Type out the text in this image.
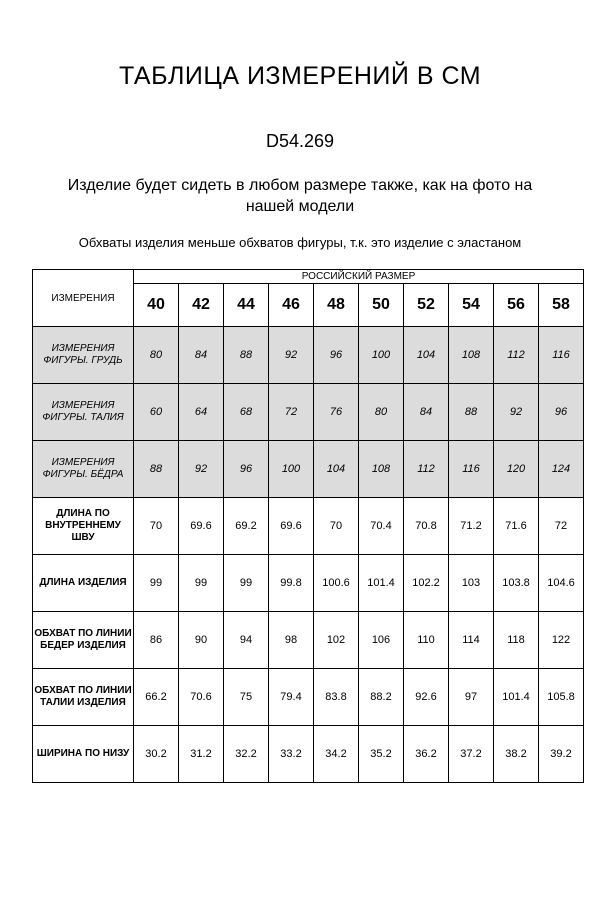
ТАБЛИЦА ИЗМЕРЕНИЙ В СМ
D54.269
Изделие будет сидеть в любом размере также, как на фото на нашей модели
Обхваты изделия меньше обхватов фигуры, т.к. это изделие с эластаном
ИЗМЕРЕНИЯ	РОССИЙСКИЙ РАЗМЕР									
	40	42	44	46	48	50	52	54	56	58
ИЗМЕРЕНИЯ ФИГУРЫ. ГРУДЬ	80	84	88	92	96	100	104	108	112	116
ИЗМЕРЕНИЯ ФИГУРЫ. ТАЛИЯ	60	64	68	72	76	80	84	88	92	96
ИЗМЕРЕНИЯ ФИГУРЫ. БЁДРА	88	92	96	100	104	108	112	116	120	124
ДЛИНА ПО ВНУТРЕННЕМУ ШВУ	70	69.6	69.2	69.6	70	70.4	70.8	71.2	71.6	72
ДЛИНА ИЗДЕЛИЯ	99	99	99	99.8	100.6	101.4	102.2	103	103.8	104.6
ОБХВАТ ПО ЛИНИИ БЕДЕР ИЗДЕЛИЯ	86	90	94	98	102	106	110	114	118	122
ОБХВАТ ПО ЛИНИИ ТАЛИИ ИЗДЕЛИЯ	66.2	70.6	75	79.4	83.8	88.2	92.6	97	101.4	105.8
ШИРИНА ПО НИЗУ	30.2	31.2	32.2	33.2	34.2	35.2	36.2	37.2	38.2	39.2
